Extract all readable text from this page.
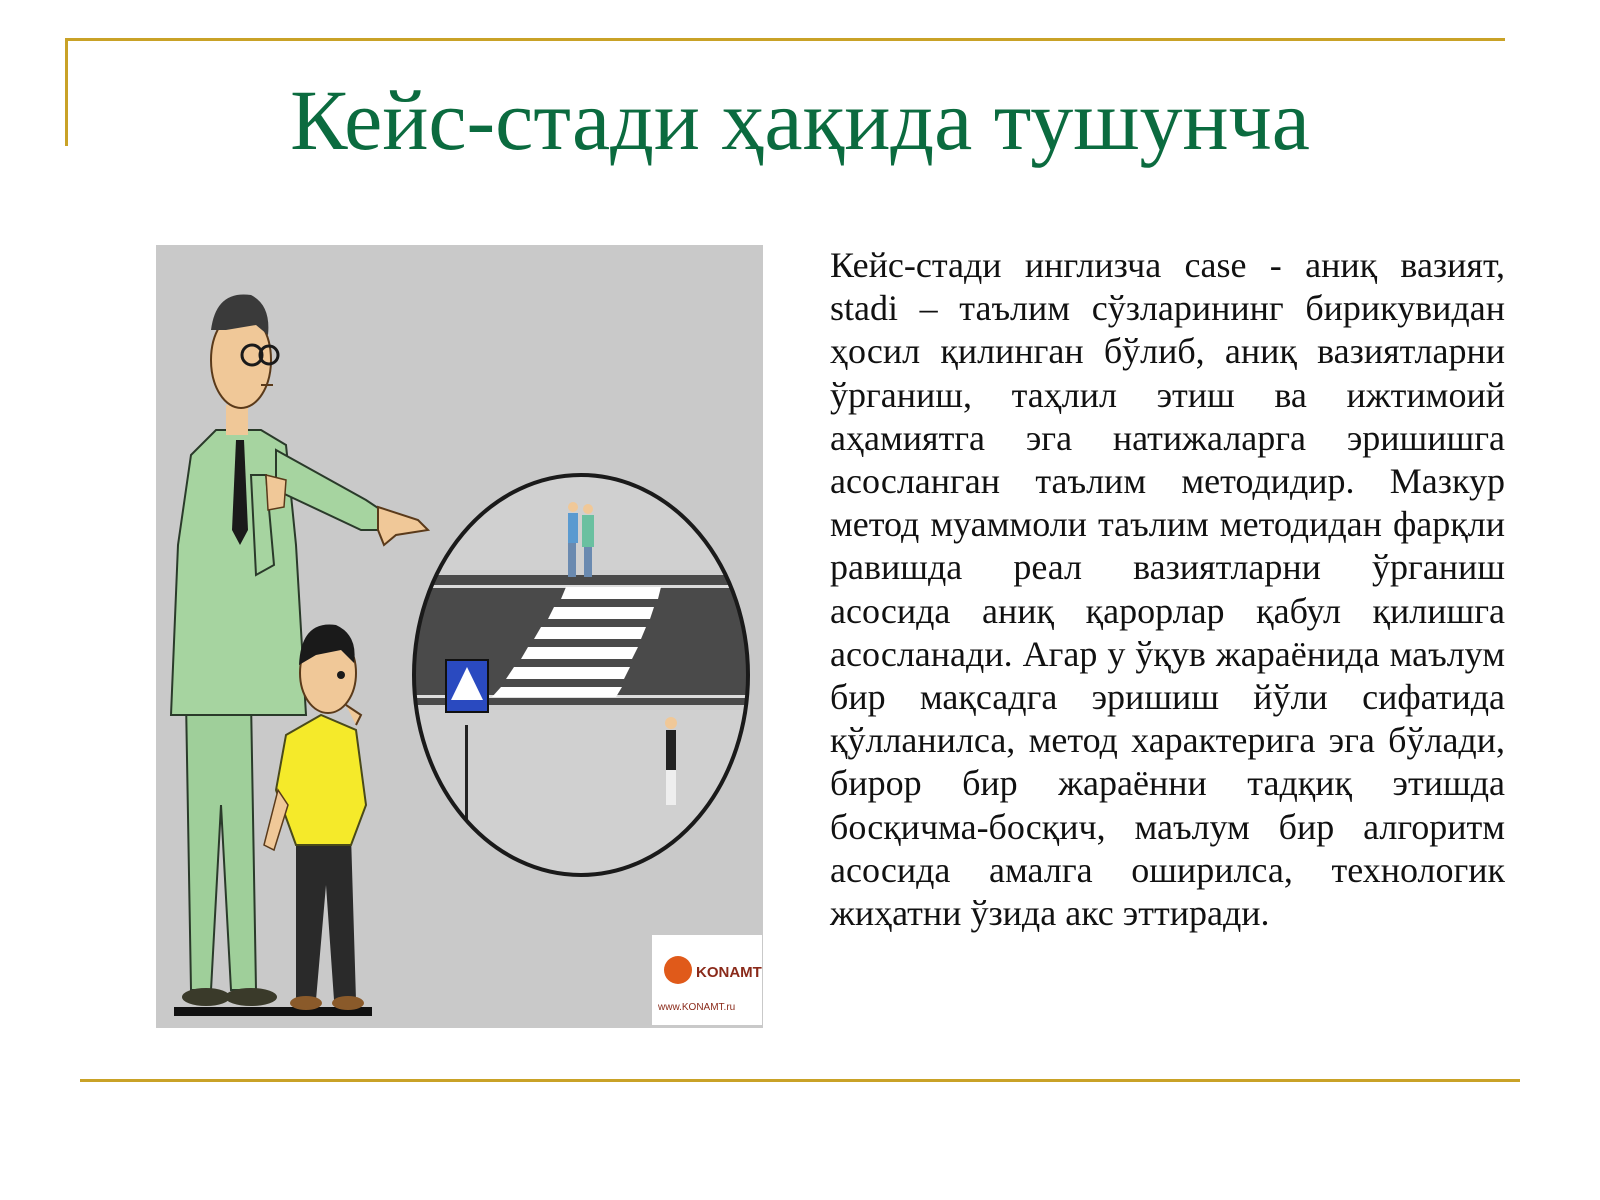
Кейс-стади ҳақида тушунча
KONAMT
www.KONAMT.ru
Кейс-стади инглизча case - аниқ вазият, stadi – таълим сўзларининг бирикувидан ҳосил қилинган бўлиб, аниқ вазиятларни ўрганиш, таҳлил этиш ва ижтимоий аҳамиятга эга натижаларга эришишга асосланган таълим методидир. Мазкур метод муаммоли таълим методидан фарқли равишда реал вазиятларни ўрганиш асосида аниқ қарорлар қабул қилишга асосланади. Агар у ўқув жараёнида маълум бир мақсадга эришиш йўли сифатида қўлланилса, метод характерига эга бўлади, бирор бир жараённи тадқиқ этишда босқичма-босқич, маълум бир алгоритм асосида амалга оширилса, технологик жиҳатни ўзида акс эттиради.
